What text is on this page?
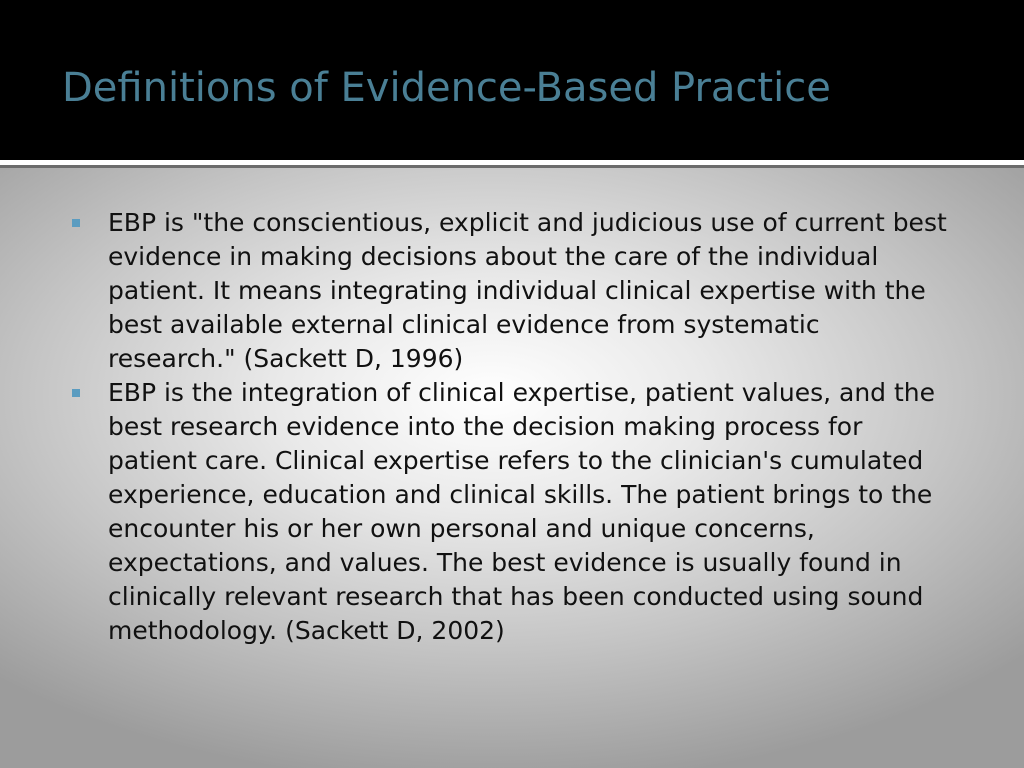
Definitions of Evidence-Based Practice
EBP is "the conscientious, explicit and judicious use of current best evidence in making decisions about the care of the individual patient. It means integrating individual clinical expertise with the best available external clinical evidence from systematic research." (Sackett D, 1996)
EBP is the integration of clinical expertise, patient values, and the best research evidence into the decision making process for patient care. Clinical expertise refers to the clinician's cumulated experience, education and clinical skills. The patient brings to the encounter his or her own personal and unique concerns, expectations, and values. The best evidence is usually found in clinically relevant research that has been conducted using sound methodology. (Sackett D, 2002)
